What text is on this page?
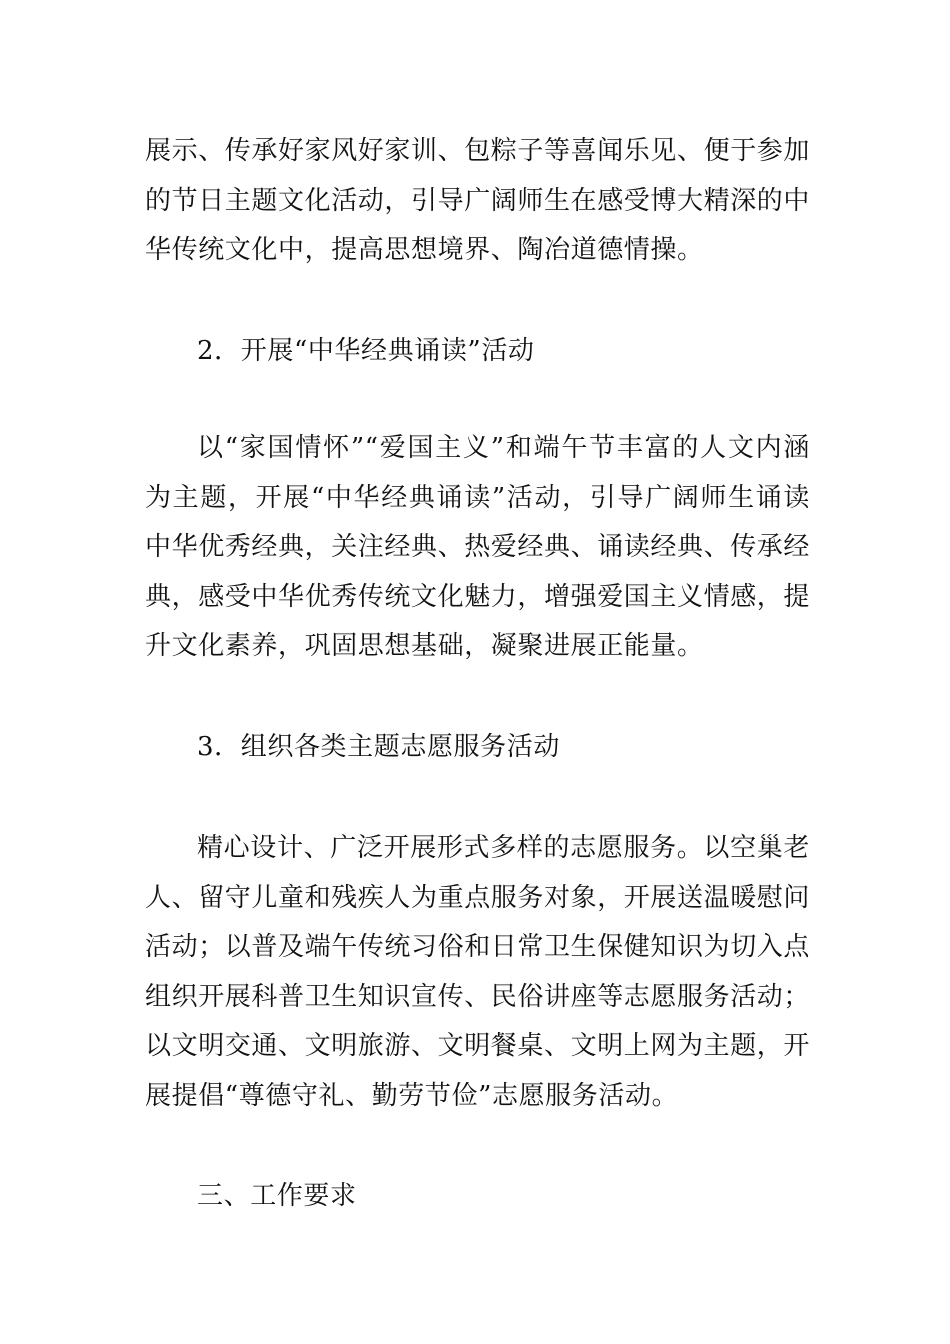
展示、传承好家风好家训、包粽子等喜闻乐见、便于参加的节日主题文化活动，引导广阔师生在感受博大精深的中华传统文化中，提高思想境界、陶冶道德情操。

2．开展“中华经典诵读”活动

以“家国情怀”“爱国主义”和端午节丰富的人文内涵为主题，开展“中华经典诵读”活动，引导广阔师生诵读中华优秀经典，关注经典、热爱经典、诵读经典、传承经典，感受中华优秀传统文化魅力，增强爱国主义情感，提升文化素养，巩固思想基础，凝聚进展正能量。

3．组织各类主题志愿服务活动

精心设计、广泛开展形式多样的志愿服务。以空巢老人、留守儿童和残疾人为重点服务对象，开展送温暖慰问活动；以普及端午传统习俗和日常卫生保健知识为切入点组织开展科普卫生知识宣传、民俗讲座等志愿服务活动；以文明交通、文明旅游、文明餐桌、文明上网为主题，开展提倡“尊德守礼、勤劳节俭”志愿服务活动。

三、工作要求
